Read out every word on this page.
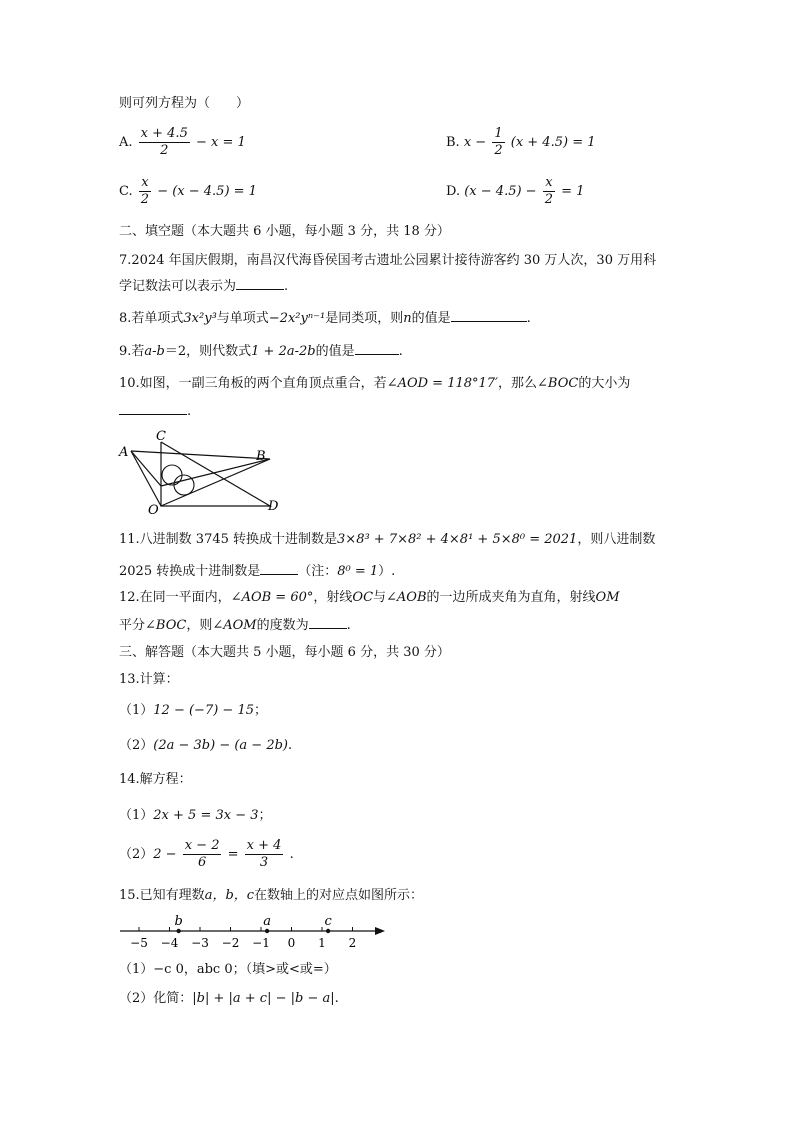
则可列方程为（　　）
A. $\frac{x + 4.5}{2} - x = 1$	B. $x - \frac{1}{2} (x + 4.5) = 1$
C. $\frac{x}{2} - (x - 4.5) = 1$	D. $(x - 4.5) - \frac{x}{2} = 1$
二、填空题（本大题共 6 小题，每小题 3 分，共 18 分）
7.2024 年国庆假期，南昌汉代海昏侯国考古遗址公园累计接待游客约 30 万人次，30 万用科
学记数法可以表示为	.
8.若单项式3x²y³与单项式−2x²yⁿ⁻¹是同类项，则n的值是	.
9.若a-b＝2，则代数式1 + 2a-2b的值是	.
10.如图，一副三角板的两个直角顶点重合，若∠AOD = 118°17′，那么∠BOC的大小为
.
A
C
B
D
O
11.八进制数 3745 转换成十进制数是3×8³ + 7×8² + 4×8¹ + 5×8⁰ = 2021，则八进制数
2025 转换成十进制数是	（注：8⁰ = 1）.
12.在同一平面内，∠AOB = 60°，射线OC与∠AOB的一边所成夹角为直角，射线OM
平分∠BOC，则∠AOM的度数为	.
三、解答题（本大题共 5 小题，每小题 6 分，共 30 分）
13.计算：
（1）12 − (−7) − 15；
（2）(2a − 3b) − (a − 2b).
14.解方程：
（1）2x + 5 = 3x − 3；
$(2)2 - \frac{x - 2}{6} = \frac{x + 4}{3}$ .
15.已知有理数a，b，c在数轴上的对应点如图所示：
−5 −4 −3 −2 −1 0 1 2
b	a	c
（1）−c 0，abc 0；（填>或<或=）
（2）化简：|b| + |a + c| − |b − a|.
